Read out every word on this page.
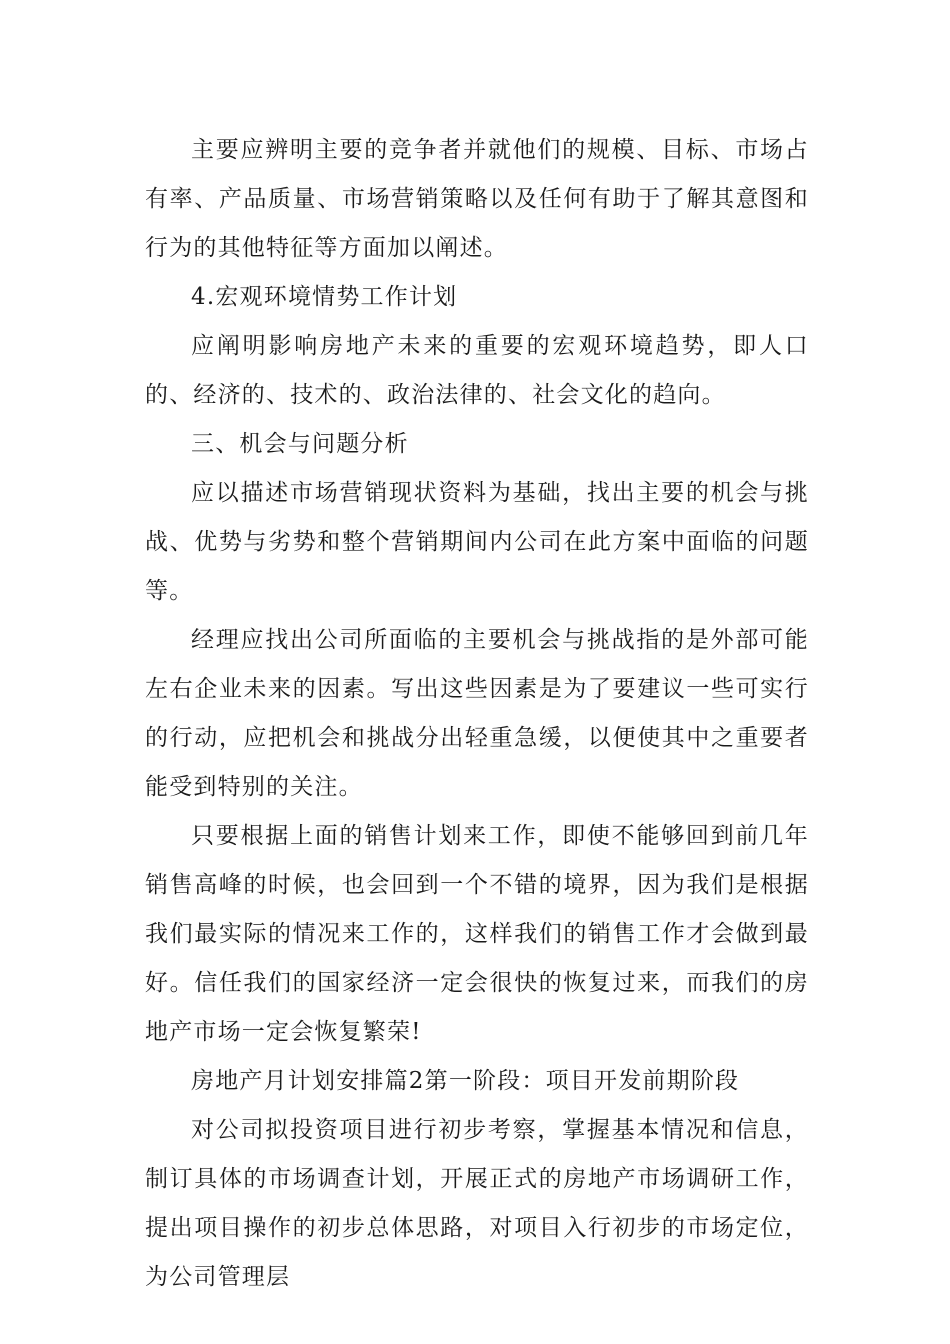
主要应辨明主要的竞争者并就他们的规模、目标、市场占有率、产品质量、市场营销策略以及任何有助于了解其意图和行为的其他特征等方面加以阐述。

4.宏观环境情势工作计划

应阐明影响房地产未来的重要的宏观环境趋势，即人口的、经济的、技术的、政治法律的、社会文化的趋向。

三、机会与问题分析

应以描述市场营销现状资料为基础，找出主要的机会与挑战、优势与劣势和整个营销期间内公司在此方案中面临的问题等。

经理应找出公司所面临的主要机会与挑战指的是外部可能左右企业未来的因素。写出这些因素是为了要建议一些可实行的行动，应把机会和挑战分出轻重急缓，以便使其中之重要者能受到特别的关注。

只要根据上面的销售计划来工作，即使不能够回到前几年销售高峰的时候，也会回到一个不错的境界，因为我们是根据我们最实际的情况来工作的，这样我们的销售工作才会做到最好。信任我们的国家经济一定会很快的恢复过来，而我们的房地产市场一定会恢复繁荣!

房地产月计划安排篇2第一阶段：项目开发前期阶段

对公司拟投资项目进行初步考察，掌握基本情况和信息，制订具体的市场调查计划，开展正式的房地产市场调研工作，提出项目操作的初步总体思路，对项目入行初步的市场定位，为公司管理层
